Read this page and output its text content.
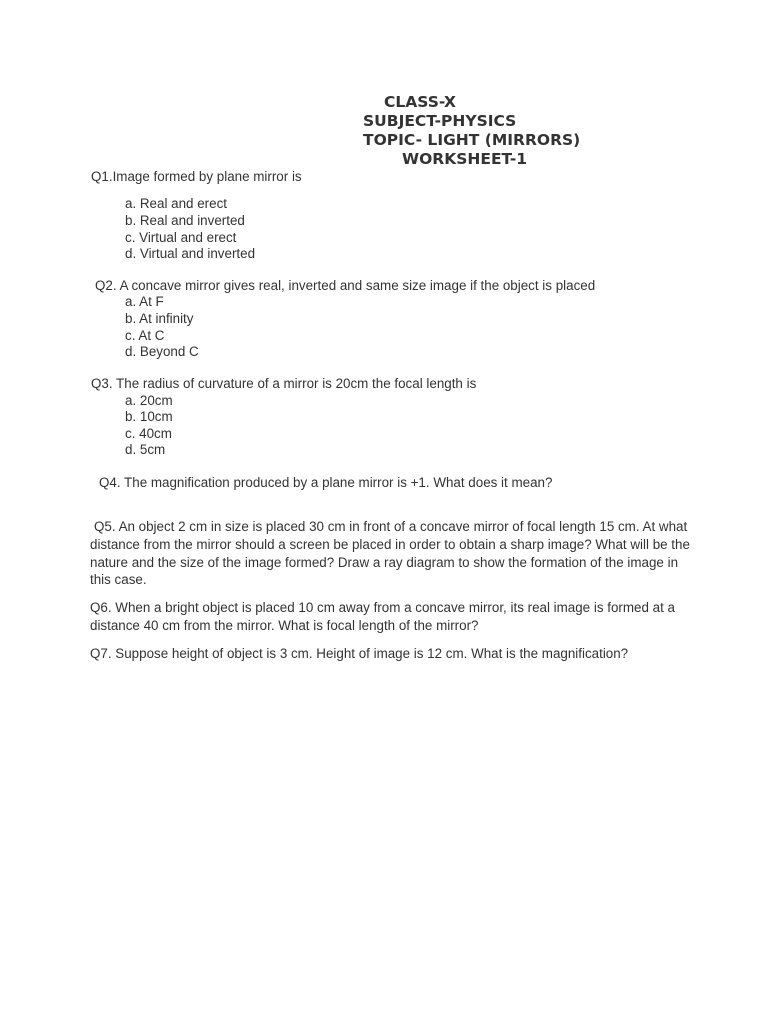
CLASS-X
SUBJECT-PHYSICS
TOPIC- LIGHT (MIRRORS)
WORKSHEET-1
Q1.Image formed by plane mirror is
a. Real and erect
b. Real and inverted
c. Virtual and erect
d. Virtual and inverted
Q2. A concave mirror gives real, inverted and same size image if the object is placed
a. At F
b. At infinity
c. At C
d. Beyond C
Q3. The radius of curvature of a mirror is 20cm the focal length is
a. 20cm
b. 10cm
c. 40cm
d. 5cm
Q4. The magnification produced by a plane mirror is +1. What does it mean?
Q5. An object 2 cm in size is placed 30 cm in front of a concave mirror of focal length 15 cm. At what distance from the mirror should a screen be placed in order to obtain a sharp image? What will be the nature and the size of the image formed? Draw a ray diagram to show the formation of the image in this case.
Q6. When a bright object is placed 10 cm away from a concave mirror, its real image is formed at a distance 40 cm from the mirror. What is focal length of the mirror?
Q7. Suppose height of object is 3 cm. Height of image is 12 cm. What is the magnification?
